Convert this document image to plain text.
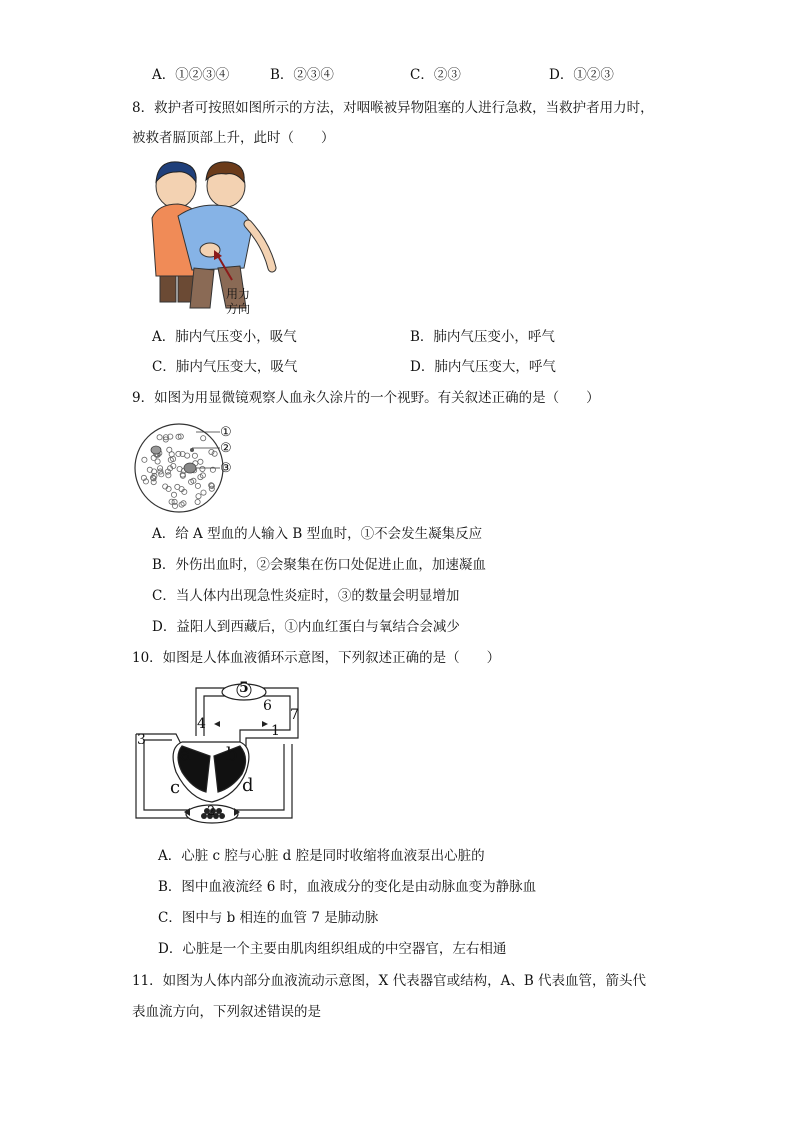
A．①②③④	B．②③④	C．②③	D．①②③
8．救护者可按照如图所示的方法，对咽喉被异物阻塞的人进行急救，当救护者用力时，
被救者膈顶部上升，此时（　　）
用力
方向
A．肺内气压变小，吸气	B．肺内气压变小，呼气
C．肺内气压变大，吸气	D．肺内气压变大，呼气
9．如图为用显微镜观察人血永久涂片的一个视野。有关叙述正确的是（　　）
①
②
③
A．给 A 型血的人输入 B 型血时，①不会发生凝集反应
B．外伤出血时，②会聚集在伤口处促进止血，加速凝血
C．当人体内出现急性炎症时，③的数量会明显增加
D．益阳人到西藏后，①内血红蛋白与氧结合会减少
10．如图是人体血液循环示意图，下列叙述正确的是（　　）
5
6
7
4	1
3
a b
c	d
2
A．心脏 c 腔与心脏 d 腔是同时收缩将血液泵出心脏的
B．图中血液流经 6 时，血液成分的变化是由动脉血变为静脉血
C．图中与 b 相连的血管 7 是肺动脉
D．心脏是一个主要由肌肉组织组成的中空器官，左右相通
11．如图为人体内部分血液流动示意图，X 代表器官或结构，A、B 代表血管，箭头代
表血流方向，下列叙述错误的是
